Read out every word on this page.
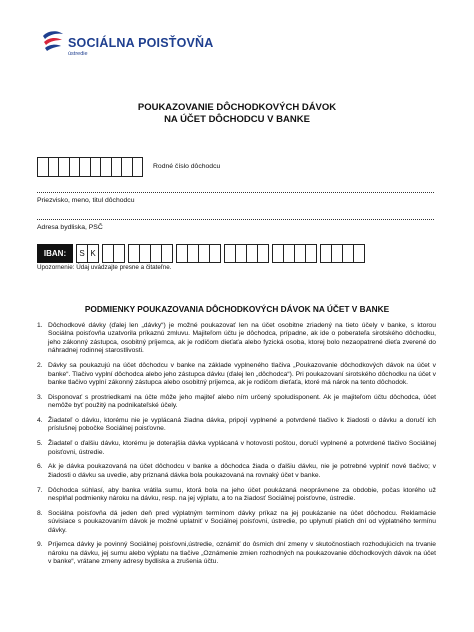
SOCIÁLNA POISŤOVŇA
ústredie
POUKAZOVANIE DÔCHODKOVÝCH DÁVOK
NA ÚČET DÔCHODCU V BANKE
Rodné číslo dôchodcu
Priezvisko, meno, titul dôchodcu
Adresa bydliska, PSČ
IBAN:	S K
Upozornenie: Údaj uvádzajte presne a čitateľne.
PODMIENKY POUKAZOVANIA DÔCHODKOVÝCH DÁVOK NA ÚČET V BANKE
1. Dôchodkové dávky (ďalej len „dávky“) je možné poukazovať len na účet osobitne zriadený na tieto účely v banke, s ktorou Sociálna poisťovňa uzatvorila príkaznú zmluvu. Majiteľom účtu je dôchodca, prípadne, ak ide o poberateľa sirotského dôchodku, jeho zákonný zástupca, osobitný príjemca, ak je rodičom dieťaťa alebo fyzická osoba, ktorej bolo nezaopatrené dieťa zverené do náhradnej rodinnej starostlivosti.
2. Dávky sa poukazujú na účet dôchodcu v banke na základe vyplneného tlačiva „Poukazovanie dôchodkových dávok na účet v banke“. Tlačivo vyplní dôchodca alebo jeho zástupca dávku (ďalej len „dôchodca“). Pri poukazovaní sirotského dôchodku na účet v banke tlačivo vyplní zákonný zástupca alebo osobitný príjemca, ak je rodičom dieťaťa, ktoré má nárok na tento dôchodok.
3. Disponovať s prostriedkami na účte môže jeho majiteľ alebo ním určený spoludisponent. Ak je majiteľom účtu dôchodca, účet nemôže byť použitý na podnikateľské účely.
4. Žiadateľ o dávku, ktorému nie je vyplácaná žiadna dávka, pripojí vyplnené a potvrdené tlačivo k žiadosti o dávku a doručí ich príslušnej pobočke Sociálnej poisťovne.
5. Žiadateľ o ďalšiu dávku, ktorému je doterajšia dávka vyplácaná v hotovosti poštou, doručí vyplnené a potvrdené tlačivo Sociálnej poisťovni, ústredie.
6. Ak je dávka poukazovaná na účet dôchodcu v banke a dôchodca žiada o ďalšiu dávku, nie je potrebné vyplniť nové tlačivo; v žiadosti o dávku sa uvedie, aby priznaná dávka bola poukazovaná na rovnaký účet v banke.
7. Dôchodca súhlasí, aby banka vrátila sumu, ktorá bola na jeho účet poukázaná neoprávnene za obdobie, počas ktorého už nesplňal podmienky nároku na dávku, resp. na jej výplatu, a to na žiadosť Sociálnej poisťovne, ústredie.
8. Sociálna poisťovňa dá jeden deň pred výplatným termínom dávky príkaz na jej poukázanie na účet dôchodcu. Reklamácie súvisiace s poukazovaním dávok je možné uplatniť v Sociálnej poisťovni, ústredie, po uplynutí piatich dní od výplatného termínu dávky.
9. Príjemca dávky je povinný Sociálnej poisťovni,ústredie, oznámiť do ôsmich dní zmeny v skutočnostiach rozhodujúcich na trvanie nároku na dávku, jej sumu alebo výplatu na tlačive „Oznámenie zmien rozhodných na poukazovanie dôchodkových dávok na účet v banke“, vrátane zmeny adresy bydliska a zrušenia účtu.
